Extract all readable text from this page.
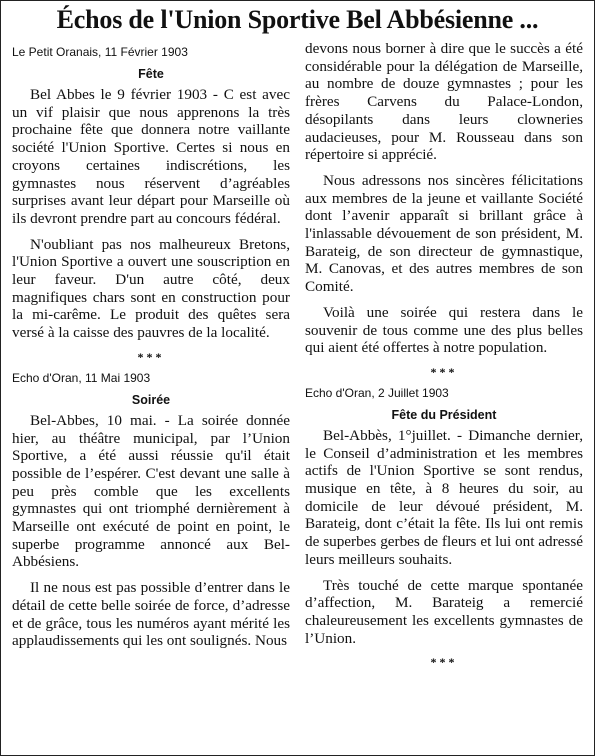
Échos de l'Union Sportive Bel Abbésienne ...
Le Petit Oranais, 11 Février 1903
Fête

Bel Abbes le 9 février 1903 - C est avec un vif plaisir que nous apprenons la très prochaine fête que donnera notre vaillante société l'Union Sportive. Certes si nous en croyons certaines indiscrétions, les gymnastes nous réservent d’agréables surprises avant leur départ pour Marseille où ils devront prendre part au concours fédéral.

N'oubliant pas nos malheureux Bretons, l'Union Sportive a ouvert une souscription en leur faveur. D'un autre côté, deux magnifiques chars sont en construction pour la mi-carême. Le produit des quêtes sera versé à la caisse des pauvres de la localité.

***
Echo d'Oran, 11 Mai 1903
Soirée

Bel-Abbes, 10 mai. - La soirée donnée hier, au théâtre municipal, par l’Union Sportive, a été aussi réussie qu'il était possible de l’espérer. C'est devant une salle à peu près comble que les excellents gymnastes qui ont triomphé dernièrement à Marseille ont exécuté de point en point, le superbe programme annoncé aux Bel-Abbésiens.

Il ne nous est pas possible d’entrer dans le détail de cette belle soirée de force, d’adresse et de grâce, tous les numéros ayant mérité les applaudissements qui les ont soulignés. Nous

devons nous borner à dire que le succès a été considérable pour la délégation de Marseille, au nombre de douze gymnastes ; pour les frères Carvens du Palace-London, désopilants dans leurs clowneries audacieuses, pour M. Rousseau dans son répertoire si apprécié.

Nous adressons nos sincères félicitations aux membres de la jeune et vaillante Société dont l’avenir apparaît si brillant grâce à l'inlassable dévouement de son président, M. Barateig, de son directeur de gymnastique, M. Canovas, et des autres membres de son Comité.

Voilà une soirée qui restera dans le souvenir de tous comme une des plus belles qui aient été offertes à notre population.

***
Echo d'Oran, 2 Juillet 1903
Fête du Président

Bel-Abbès, 1°juillet. - Dimanche dernier, le Conseil d’administration et les membres actifs de l'Union Sportive se sont rendus, musique en tête, à 8 heures du soir, au domicile de leur dévoué président, M. Barateig, dont c’était la fête. Ils lui ont remis de superbes gerbes de fleurs et lui ont adressé leurs meilleurs souhaits.

Très touché de cette marque spontanée d’affection, M. Barateig a remercié chaleureusement les excellents gymnastes de l’Union.

***
